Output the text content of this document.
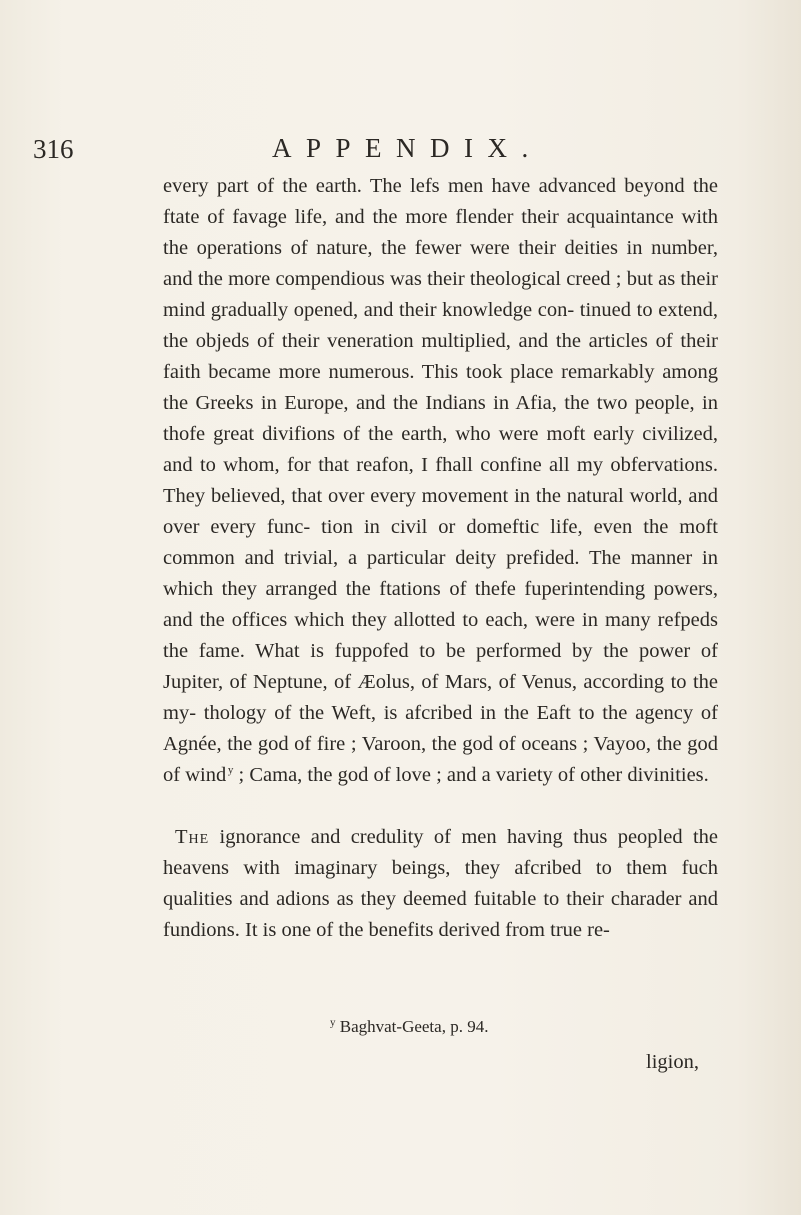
316	APPENDIX.

every part of the earth. The lefs men have advanced beyond the ftate of favage life, and the more flender their acquaintance with the operations of nature, the fewer were their deities in number, and the more compendious was their theological creed ; but as their mind gradually opened, and their knowledge con- tinued to extend, the objeds of their veneration multiplied, and the articles of their faith became more numerous. This took place remarkably among the Greeks in Europe, and the Indians in Afia, the two people, in thofe great divifions of the earth, who were moft early civilized, and to whom, for that reafon, I fhall confine all my obfervations. They believed, that over every movement in the natural world, and over every func- tion in civil or domeftic life, even the moft common and trivial, a particular deity prefided. The manner in which they arranged the ftations of thefe fuperintending powers, and the offices which they allotted to each, were in many refpeds the fame. What is fuppofed to be performed by the power of Jupiter, of Neptune, of Æolus, of Mars, of Venus, according to the my- thology of the Weft, is afcribed in the Eaft to the agency of Agnée, the god of fire ; Varoon, the god of oceans ; Vayoo, the god of wind  $^y$ ; Cama, the god of love ; and a variety of other divinities.

The ignorance and credulity of men having thus peopled the heavens with imaginary beings, they afcribed to them fuch qualities and adions as they deemed fuitable to their charader and fundions. It is one of the benefits derived from true re-

$^y$ Baghvat-Geeta, p. 94.
ligion,
